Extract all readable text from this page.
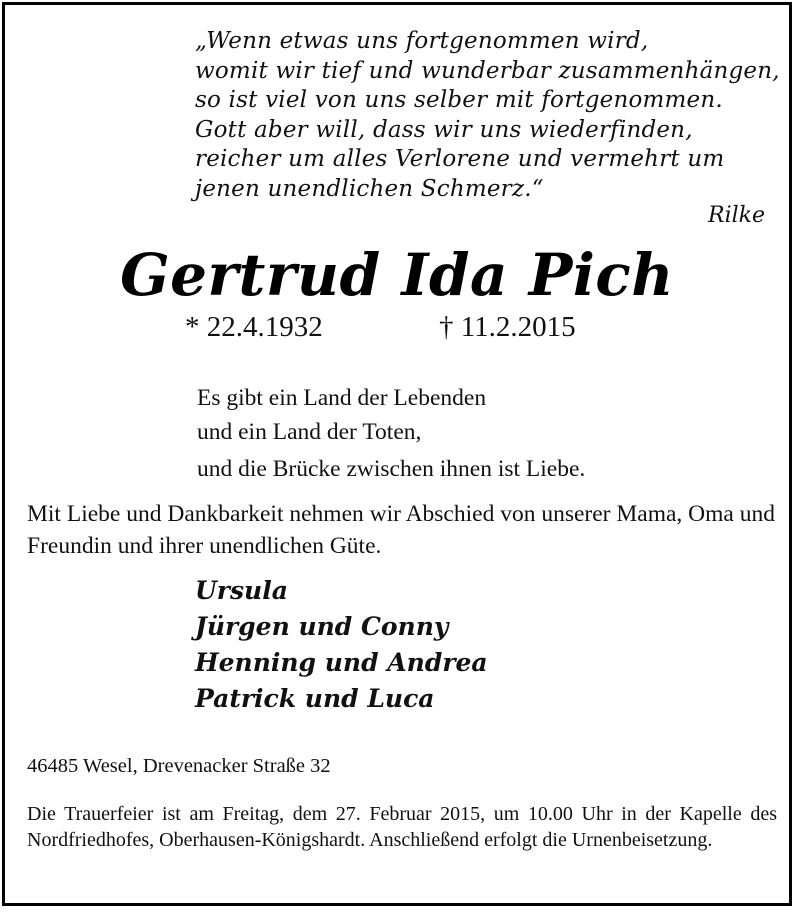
„Wenn etwas uns fortgenommen wird,
womit wir tief und wunderbar zusammenhängen,
so ist viel von uns selber mit fortgenommen.
Gott aber will, dass wir uns wiederfinden,
reicher um alles Verlorene und vermehrt um
jenen unendlichen Schmerz.“
Rilke
Gertrud Ida Pich
* 22.4.1932	† 11.2.2015
Es gibt ein Land der Lebenden
und ein Land der Toten,
und die Brücke zwischen ihnen ist Liebe.
Mit Liebe und Dankbarkeit nehmen wir Abschied von unserer Mama, Oma und Freundin und ihrer unendlichen Güte.
Ursula
Jürgen und Conny
Henning und Andrea
Patrick und Luca
46485 Wesel, Drevenacker Straße 32
Die Trauerfeier ist am Freitag, dem 27. Februar 2015, um 10.00 Uhr in der Kapelle des Nordfriedhofes, Oberhausen-Königshardt. Anschließend erfolgt die Urnenbeisetzung.
